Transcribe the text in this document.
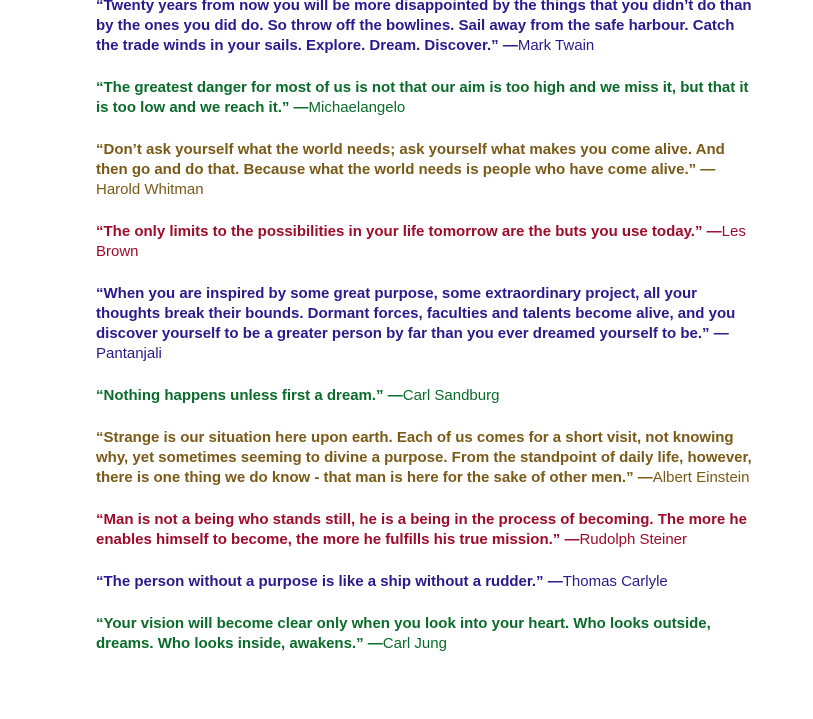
“Twenty years from now you will be more disappointed by the things that you didn’t do than by the ones you did do. So throw off the bowlines. Sail away from the safe harbour. Catch the trade winds in your sails. Explore. Dream. Discover.” —Mark Twain

“The greatest danger for most of us is not that our aim is too high and we miss it, but that it is too low and we reach it.” —Michaelangelo

“Don’t ask yourself what the world needs; ask yourself what makes you come alive. And then go and do that. Because what the world needs is people who have come alive.” —Harold Whitman

“The only limits to the possibilities in your life tomorrow are the buts you use today.” —Les Brown

“When you are inspired by some great purpose, some extraordinary project, all your thoughts break their bounds. Dormant forces, faculties and talents become alive, and you discover yourself to be a greater person by far than you ever dreamed yourself to be.” —Pantanjali

“Nothing happens unless first a dream.” —Carl Sandburg

“Strange is our situation here upon earth. Each of us comes for a short visit, not knowing why, yet sometimes seeming to divine a purpose. From the standpoint of daily life, however, there is one thing we do know - that man is here for the sake of other men.” —Albert Einstein

“Man is not a being who stands still, he is a being in the process of becoming. The more he enables himself to become, the more he fulfills his true mission.” —Rudolph Steiner

“The person without a purpose is like a ship without a rudder.” —Thomas Carlyle

“Your vision will become clear only when you look into your heart. Who looks outside, dreams. Who looks inside, awakens.” —Carl Jung
